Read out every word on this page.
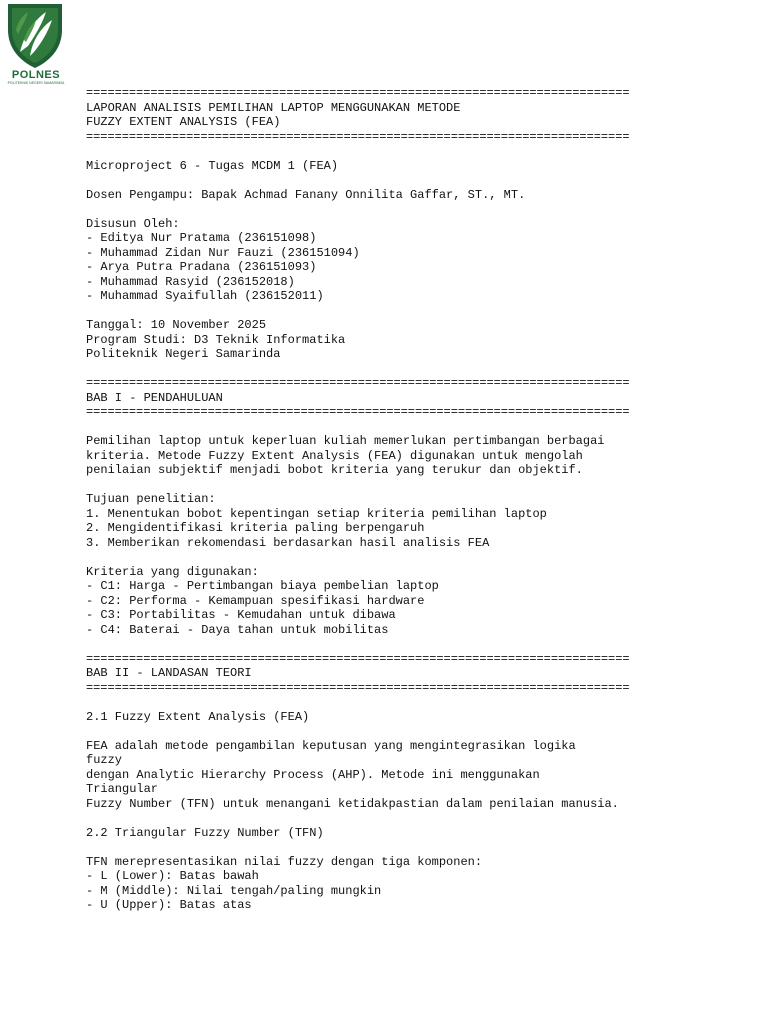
POLNES
POLITEKNIK NEGERI SAMARINDA
============================================================================
LAPORAN ANALISIS PEMILIHAN LAPTOP MENGGUNAKAN METODE
FUZZY EXTENT ANALYSIS (FEA)
============================================================================
Microproject 6 - Tugas MCDM 1 (FEA)
Dosen Pengampu: Bapak Achmad Fanany Onnilita Gaffar, ST., MT.
Disusun Oleh:
- Editya Nur Pratama (236151098)
- Muhammad Zidan Nur Fauzi (236151094)
- Arya Putra Pradana (236151093)
- Muhammad Rasyid (236152018)
- Muhammad Syaifullah (236152011)
Tanggal: 10 November 2025
Program Studi: D3 Teknik Informatika
Politeknik Negeri Samarinda
============================================================================
BAB I - PENDAHULUAN
============================================================================
Pemilihan laptop untuk keperluan kuliah memerlukan pertimbangan berbagai
kriteria. Metode Fuzzy Extent Analysis (FEA) digunakan untuk mengolah
penilaian subjektif menjadi bobot kriteria yang terukur dan objektif.
Tujuan penelitian:
1. Menentukan bobot kepentingan setiap kriteria pemilihan laptop
2. Mengidentifikasi kriteria paling berpengaruh
3. Memberikan rekomendasi berdasarkan hasil analisis FEA
Kriteria yang digunakan:
- C1: Harga - Pertimbangan biaya pembelian laptop
- C2: Performa - Kemampuan spesifikasi hardware
- C3: Portabilitas - Kemudahan untuk dibawa
- C4: Baterai - Daya tahan untuk mobilitas
============================================================================
BAB II - LANDASAN TEORI
============================================================================
2.1 Fuzzy Extent Analysis (FEA)
FEA adalah metode pengambilan keputusan yang mengintegrasikan logika
fuzzy
dengan Analytic Hierarchy Process (AHP). Metode ini menggunakan
Triangular
Fuzzy Number (TFN) untuk menangani ketidakpastian dalam penilaian manusia.
2.2 Triangular Fuzzy Number (TFN)
TFN merepresentasikan nilai fuzzy dengan tiga komponen:
- L (Lower): Batas bawah
- M (Middle): Nilai tengah/paling mungkin
- U (Upper): Batas atas
